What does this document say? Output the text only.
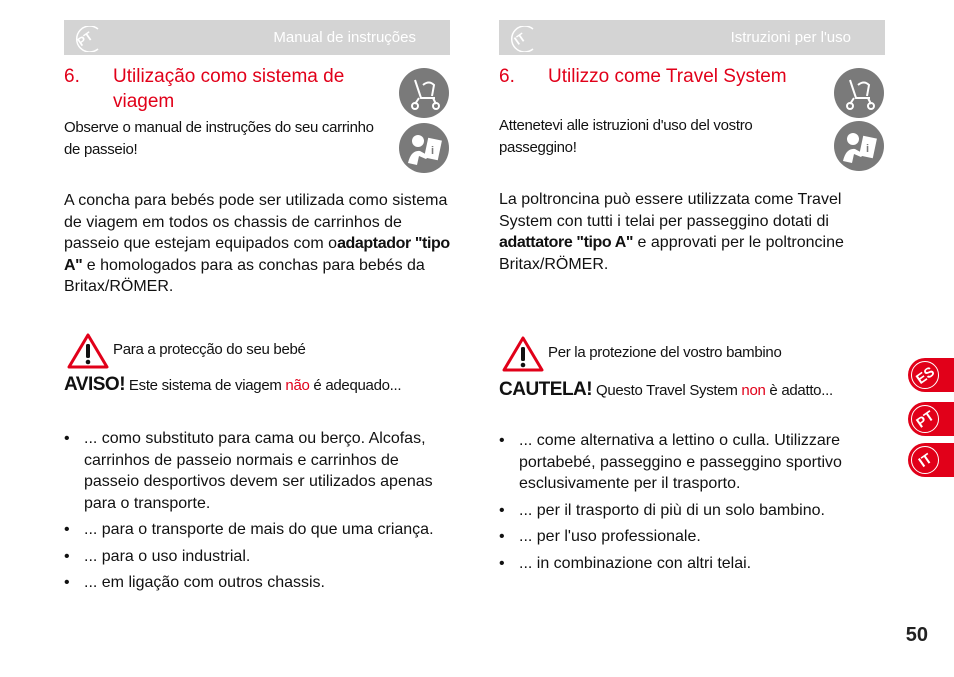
PT	Manual de instruções
6. Utilização como sistema de viagem
i
Observe o manual de instruções do seu carrinho de passeio!
A concha para bebés pode ser utilizada como sistema de viagem em todos os chassis de carrinhos de passeio que estejam equipados com oadaptador "tipo A" e homologados para as conchas para bebés da Britax/RÖMER.
Para a protecção do seu bebé
AVISO! Este sistema de viagem não é adequado...
• ... como substituto para cama ou berço. Alcofas, carrinhos de passeio normais e carrinhos de passeio desportivos devem ser utilizados apenas para o transporte.
• ... para o transporte de mais do que uma criança.
• ... para o uso industrial.
• ... em ligação com outros chassis.
IT	Istruzioni per l'uso
6. Utilizzo come Travel System
i
Attenetevi alle istruzioni d'uso del vostro passeggino!
La poltroncina può essere utilizzata come Travel System con tutti i telai per passeggino dotati di adattatore "tipo A" e approvati per le poltroncine Britax/RÖMER.
Per la protezione del vostro bambino
CAUTELA! Questo Travel System non è adatto...
• ... come alternativa a lettino o culla. Utilizzare portabebé, passeggino e passeggino sportivo esclusivamente per il trasporto.
• ... per il trasporto di più di un solo bambino.
• ... per l'uso professionale.
• ... in combinazione con altri telai.
ES
PT
IT
50
